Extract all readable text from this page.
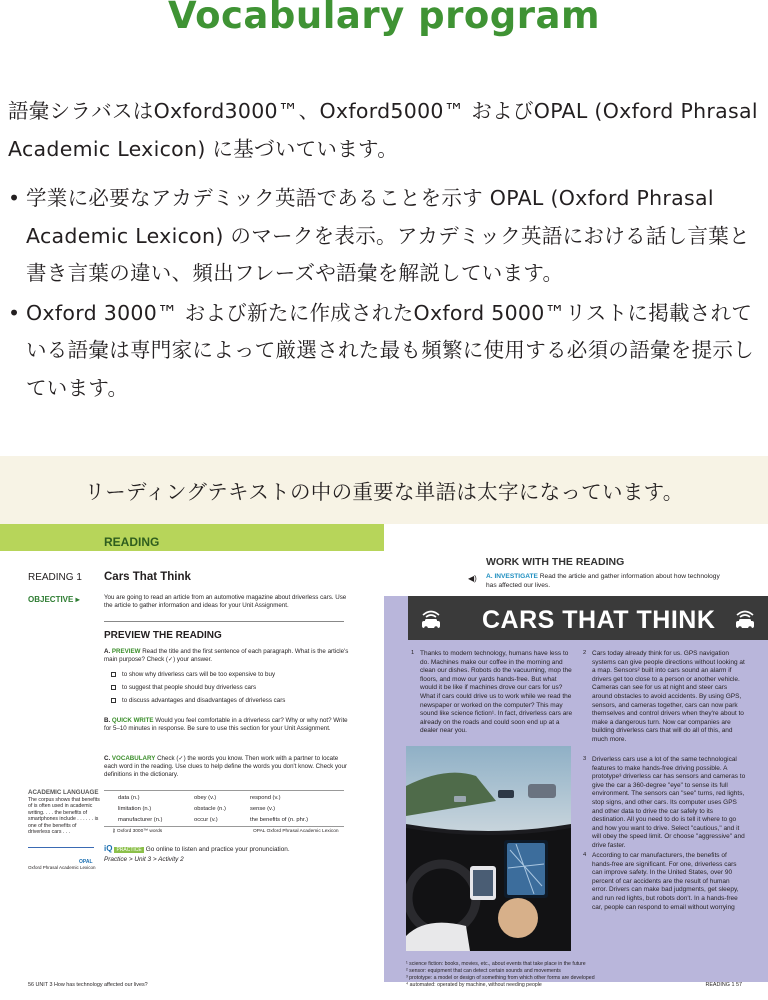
Vocabulary program

語彙シラバスはOxford3000™、Oxford5000™ およびOPAL (Oxford Phrasal Academic Lexicon) に基づいています。

• 学業に必要なアカデミック英語であることを示す OPAL (Oxford Phrasal Academic Lexicon) のマークを表示。アカデミック英語における話し言葉と書き言葉の違い、頻出フレーズや語彙を解説しています。
• Oxford 3000™ および新たに作成されたOxford 5000™リストに掲載されている語彙は専門家によって厳選された最も頻繁に使用する必須の語彙を提示しています。
リーディングテキストの中の重要な単語は太字になっています。
READING
READING 1 Cars That Think
OBJECTIVE ▸	You are going to read an article from an automotive magazine about driverless cars. Use the article to gather information and ideas for your Unit Assignment.
PREVIEW THE READING
A. PREVIEW Read the title and the first sentence of each paragraph. What is the article's main purpose? Check (✓) your answer.
to show why driverless cars will be too expensive to buy
to suggest that people should buy driverless cars
to discuss advantages and disadvantages of driverless cars
B. QUICK WRITE Would you feel comfortable in a driverless car? Why or why not? Write for 5–10 minutes in response. Be sure to use this section for your Unit Assignment.
C. VOCABULARY Check (✓) the words you know. Then work with a partner to locate each word in the reading. Use clues to help define the words you don't know. Check your definitions in the dictionary.
data (n.)	obey (v.)	respond (v.)
limitation (n.)	obstacle (n.)	sense (v.)
manufacturer (n.)	occur (v.)	the benefits of (n. phr.)
⚷ Oxford 3000™ words	OPAL Oxford Phrasal Academic Lexicon
ACADEMIC LANGUAGE
The corpus shows that benefits of is often used in academic writing. . . . the benefits of smartphones include . . . . . . is one of the benefits of driverless cars . . .
OPAL
Oxford Phrasal Academic Lexicon
iQ PRACTICE Go online to listen and practice your pronunciation.
Practice > Unit 3 > Activity 2
56 UNIT 3 How has technology affected our lives?
WORK WITH THE READING
◀) A. INVESTIGATE Read the article and gather information about how technology has affected our lives.
CARS THAT THINK
1 Thanks to modern technology, humans have less to do. Machines make our coffee in the morning and clean our dishes. Robots do the vacuuming, mop the floors, and mow our yards hands-free. But what would it be like if machines drove our cars for us? What if cars could drive us to work while we read the newspaper or worked on the computer? This may sound like science fiction¹. In fact, driverless cars are already on the roads and could soon end up at a dealer near you.
2 Cars today already think for us. GPS navigation systems can give people directions without looking at a map. Sensors² built into cars sound an alarm if drivers get too close to a person or another vehicle. Cameras can see for us at night and steer cars around obstacles to avoid accidents. By using GPS, sensors, and cameras together, cars can now park themselves and control drivers when they're about to make a dangerous turn. Now car companies are building driverless cars that will do all of this, and much more.
3 Driverless cars use a lot of the same technological features to make hands-free driving possible. A prototype³ driverless car has sensors and cameras to give the car a 360-degree "eye" to sense its full environment. The sensors can "see" turns, red lights, stop signs, and other cars. Its computer uses GPS and other data to drive the car safely to its destination. All you need to do is tell it where to go and how you want to drive. Select "cautious," and it will obey the speed limit. Or choose "aggressive" and drive faster.
4 According to car manufacturers, the benefits of hands-free are significant. For one, driverless cars can improve safety. In the United States, over 90 percent of car accidents are the result of human error. Drivers can make bad judgments, get sleepy, and run red lights, but robots don't. In a hands-free car, people can respond to email without worrying
¹ science fiction: books, movies, etc., about events that take place in the future
² sensor: equipment that can detect certain sounds and movements
³ prototype: a model or design of something from which other forms are developed
⁴ automated: operated by machine, without needing people	READING 1 57
